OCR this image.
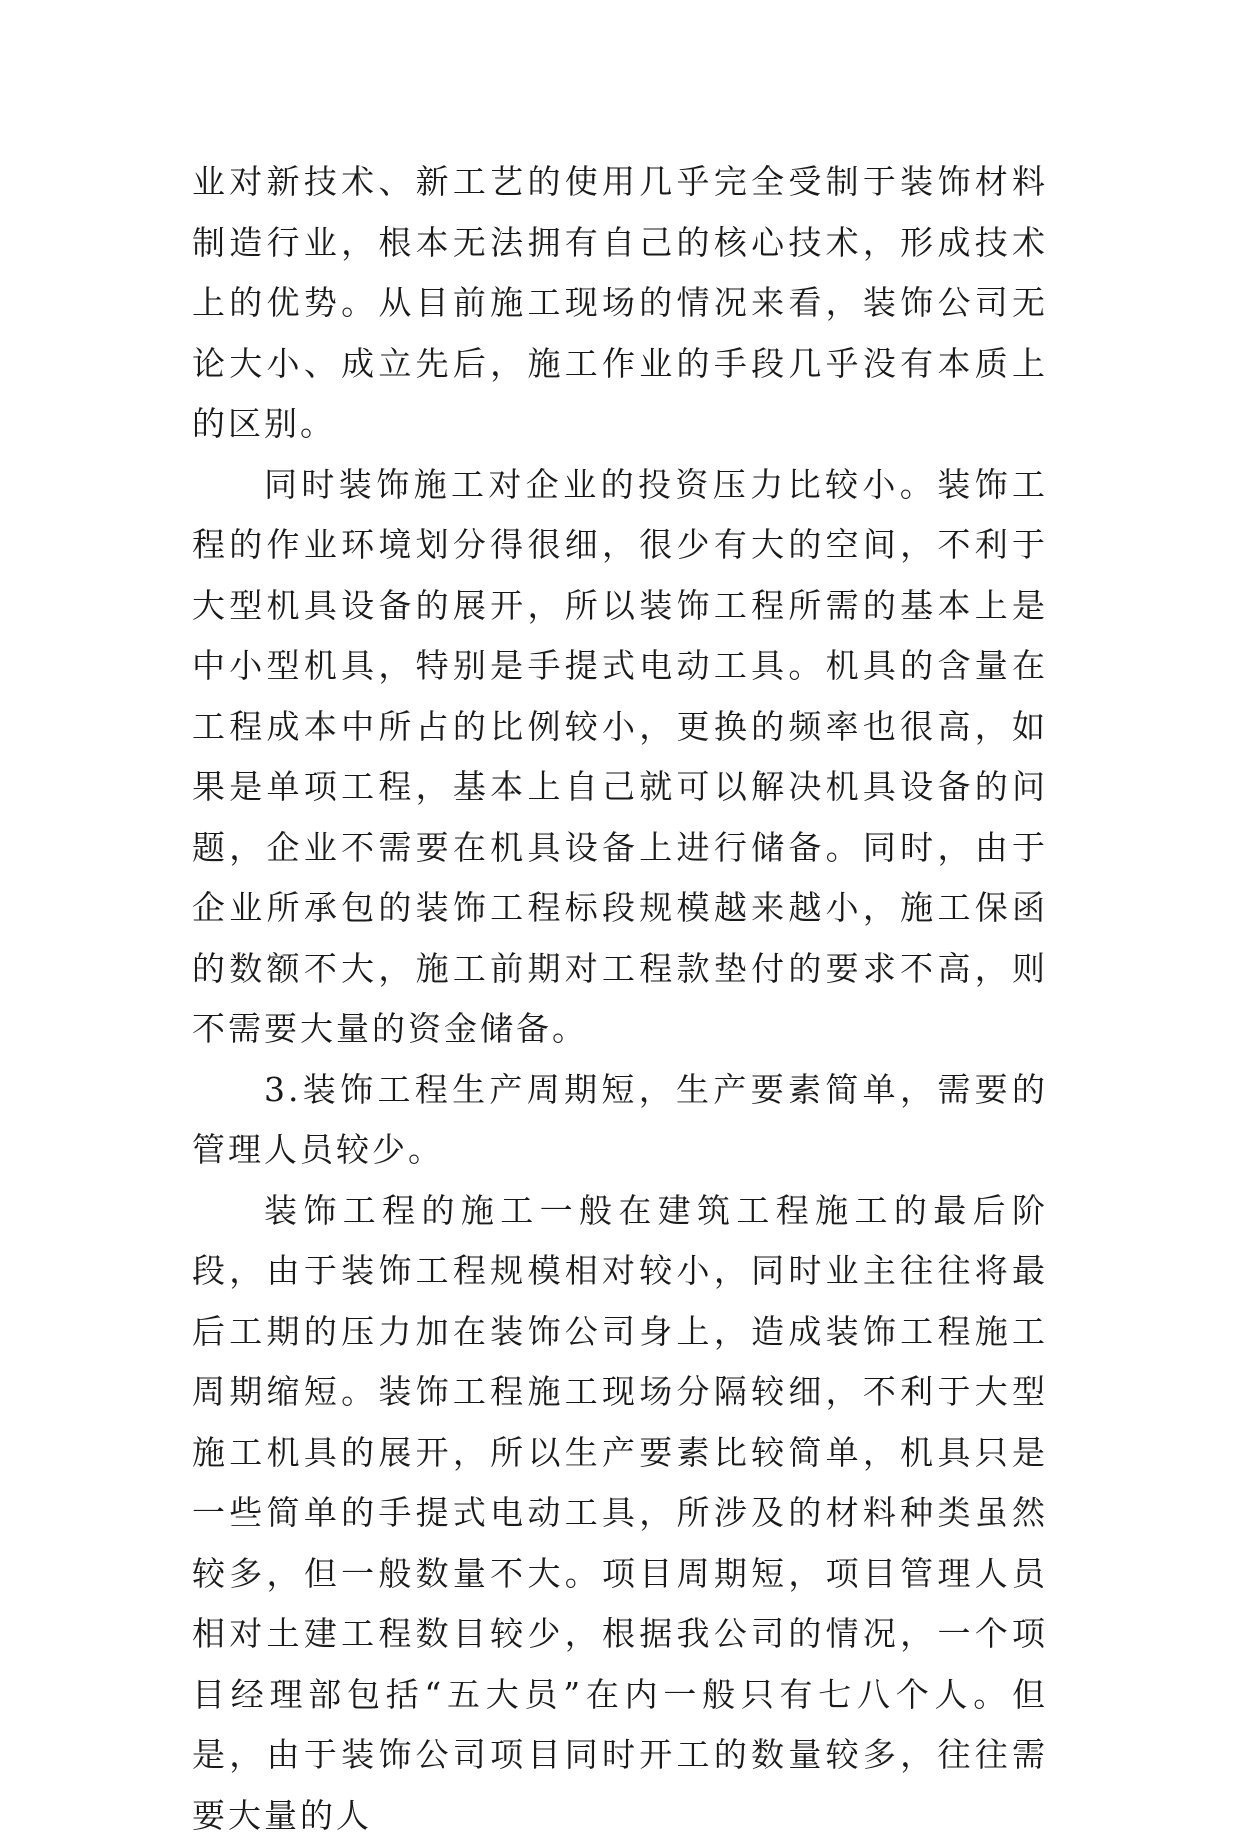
业对新技术、新工艺的使用几乎完全受制于装饰材料制造行业，根本无法拥有自己的核心技术，形成技术上的优势。从目前施工现场的情况来看，装饰公司无论大小、成立先后，施工作业的手段几乎没有本质上的区别。

同时装饰施工对企业的投资压力比较小。装饰工程的作业环境划分得很细，很少有大的空间，不利于大型机具设备的展开，所以装饰工程所需的基本上是中小型机具，特别是手提式电动工具。机具的含量在工程成本中所占的比例较小，更换的频率也很高，如果是单项工程，基本上自己就可以解决机具设备的问题，企业不需要在机具设备上进行储备。同时，由于企业所承包的装饰工程标段规模越来越小，施工保函的数额不大，施工前期对工程款垫付的要求不高，则不需要大量的资金储备。

3.装饰工程生产周期短，生产要素简单，需要的管理人员较少。

装饰工程的施工一般在建筑工程施工的最后阶段，由于装饰工程规模相对较小，同时业主往往将最后工期的压力加在装饰公司身上，造成装饰工程施工周期缩短。装饰工程施工现场分隔较细，不利于大型施工机具的展开，所以生产要素比较简单，机具只是一些简单的手提式电动工具，所涉及的材料种类虽然较多，但一般数量不大。项目周期短，项目管理人员相对土建工程数目较少，根据我公司的情况，一个项目经理部包括“五大员”在内一般只有七八个人。但是，由于装饰公司项目同时开工的数量较多，往往需要大量的人
